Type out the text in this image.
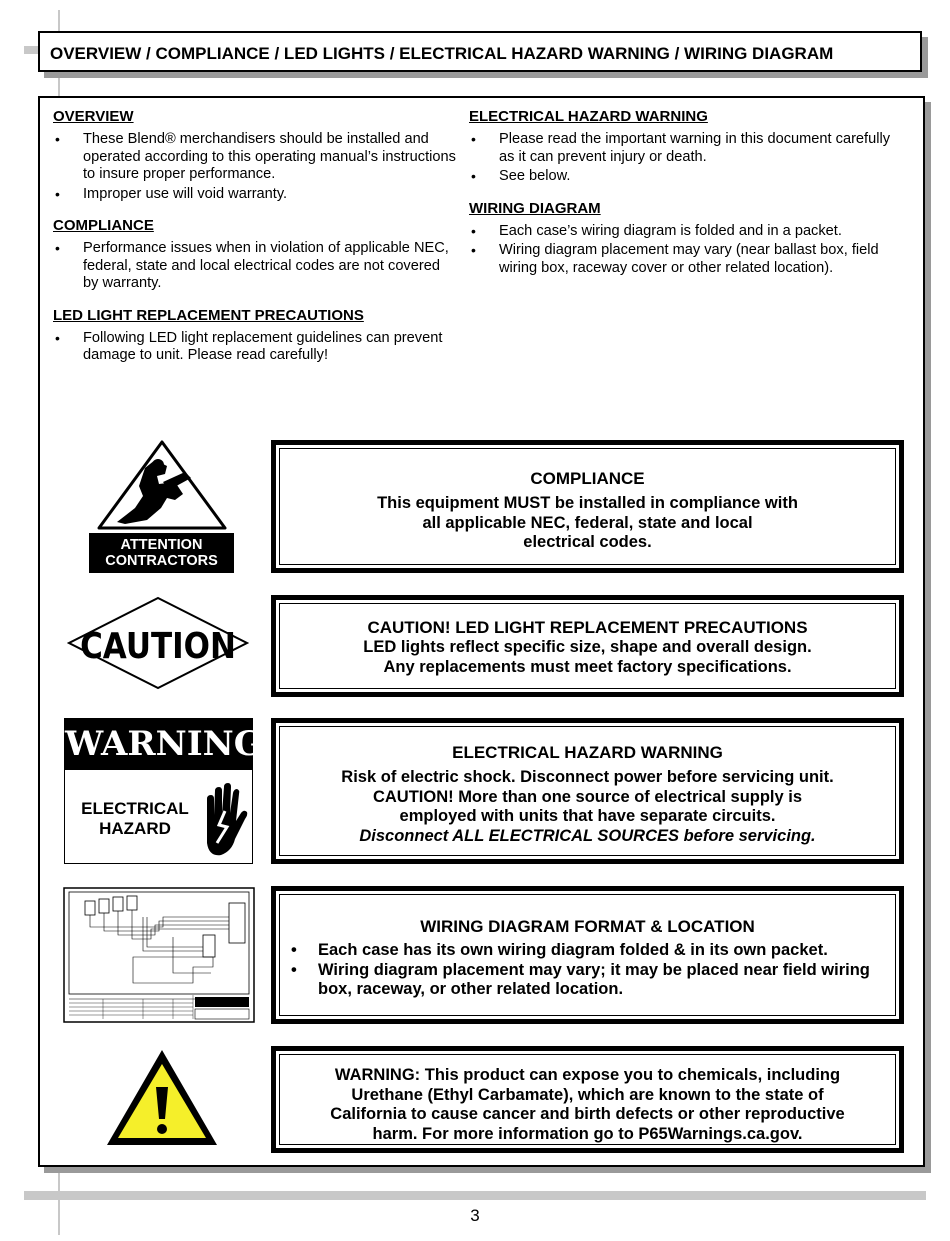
OVERVIEW / COMPLIANCE / LED LIGHTS / ELECTRICAL HAZARD WARNING / WIRING DIAGRAM
OVERVIEW
• These Blend® merchandisers should be installed and operated according to this operating manual’s instructions to insure proper performance.
• Improper use will void warranty.
COMPLIANCE
• Performance issues when in violation of applicable NEC, federal, state and local electrical codes are not covered by warranty.
LED LIGHT REPLACEMENT PRECAUTIONS
• Following LED light replacement guidelines can prevent damage to unit. Please read carefully!
ELECTRICAL HAZARD WARNING
• Please read the important warning in this document carefully as it can prevent injury or death.
• See below.
WIRING DIAGRAM
• Each case’s wiring diagram is folded and in a packet.
• Wiring diagram placement may vary (near ballast box, field wiring box, raceway cover or other related location).
ATTENTION
CONTRACTORS
CAUTION
WARNING
ELECTRICAL
HAZARD
COMPLIANCE
This equipment MUST be installed in compliance with
all applicable NEC, federal, state and local
electrical codes.
CAUTION! LED LIGHT REPLACEMENT PRECAUTIONS
LED lights reflect specific size, shape and overall design.
Any replacements must meet factory specifications.
ELECTRICAL HAZARD WARNING
Risk of electric shock. Disconnect power before servicing unit.
CAUTION! More than one source of electrical supply is
employed with units that have separate circuits.
Disconnect ALL ELECTRICAL SOURCES before servicing.
WIRING DIAGRAM FORMAT & LOCATION
• Each case has its own wiring diagram folded & in its own packet.
• Wiring diagram placement may vary; it may be placed near field wiring box, raceway, or other related location.
WARNING: This product can expose you to chemicals, including
Urethane (Ethyl Carbamate), which are known to the state of
California to cause cancer and birth defects or other reproductive
harm. For more information go to P65Warnings.ca.gov.
3
